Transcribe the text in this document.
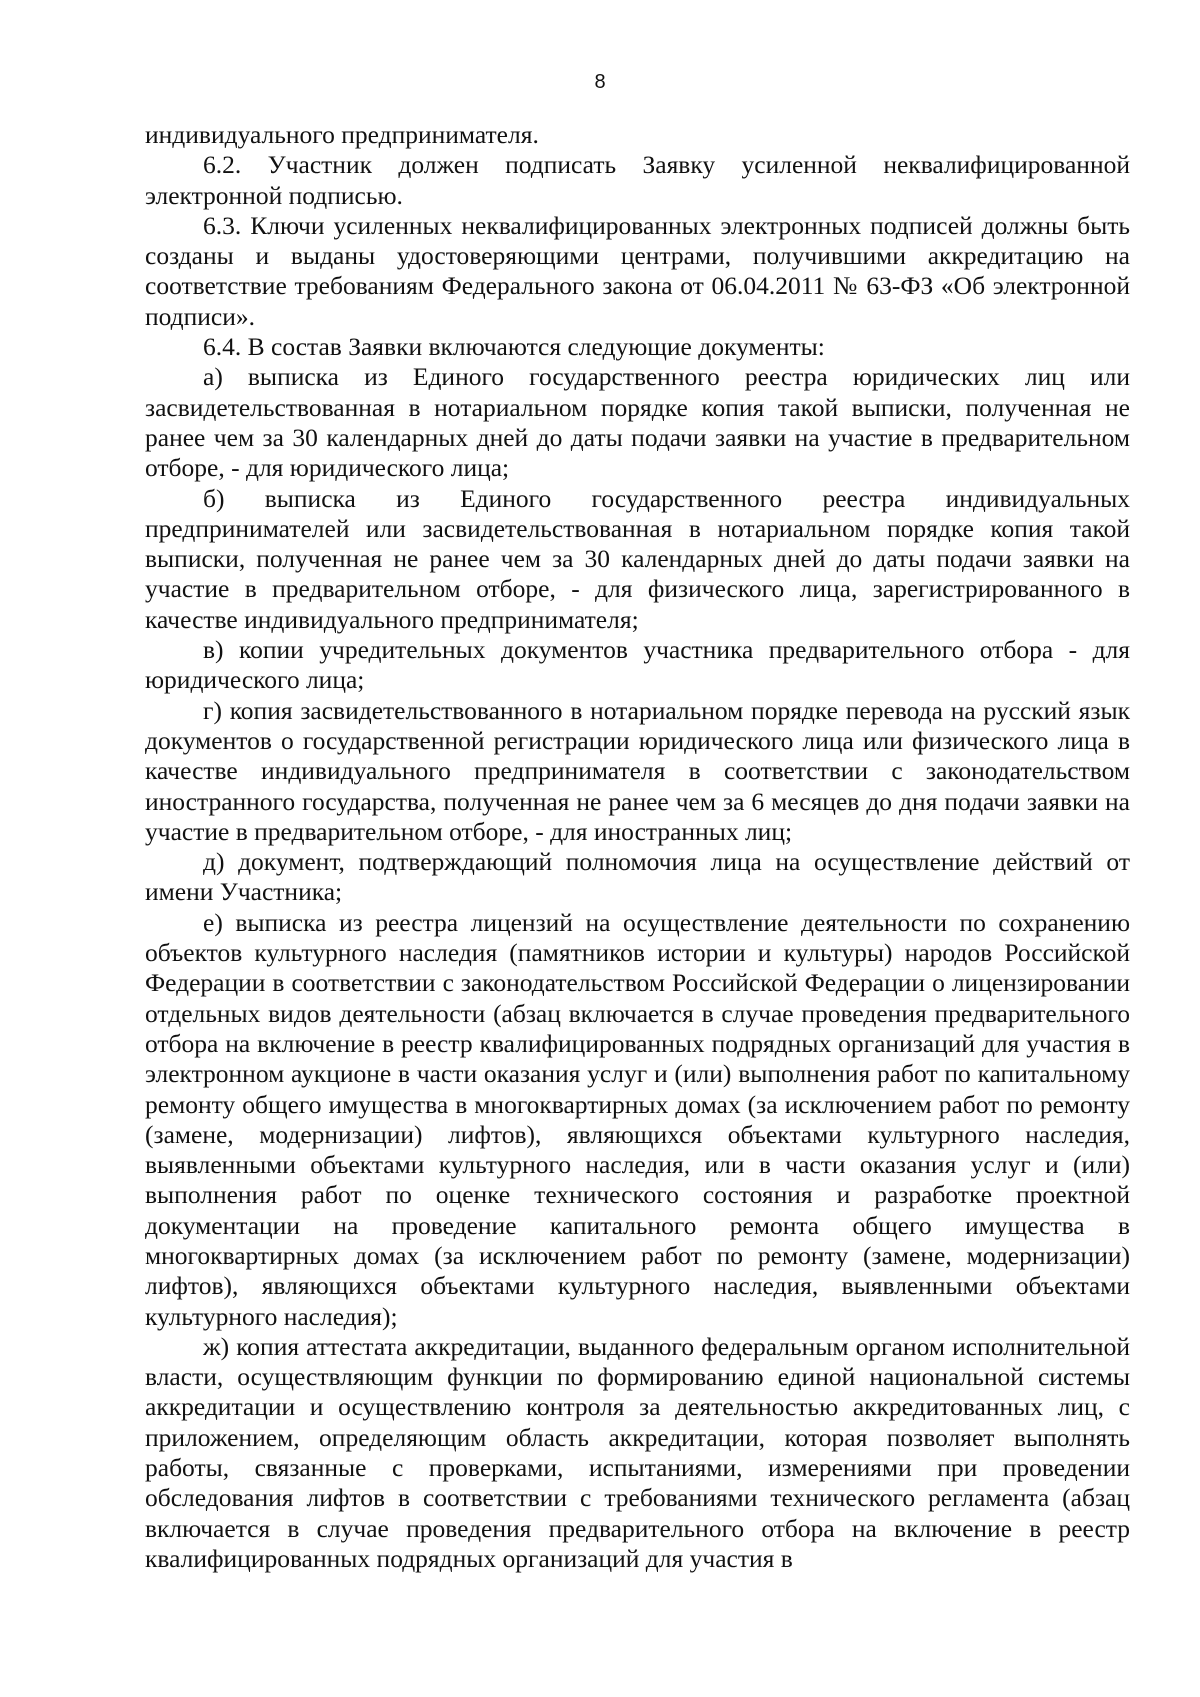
8

индивидуального предпринимателя.

6.2. Участник должен подписать Заявку усиленной неквалифицированной электронной подписью.

6.3. Ключи усиленных неквалифицированных электронных подписей должны быть созданы и выданы удостоверяющими центрами, получившими аккредитацию на соответствие требованиям Федерального закона от 06.04.2011 № 63-ФЗ «Об электронной подписи».

6.4. В состав Заявки включаются следующие документы:

а) выписка из Единого государственного реестра юридических лиц или засвидетельствованная в нотариальном порядке копия такой выписки, полученная не ранее чем за 30 календарных дней до даты подачи заявки на участие в предварительном отборе, - для юридического лица;

б) выписка из Единого государственного реестра индивидуальных предпринимателей или засвидетельствованная в нотариальном порядке копия такой выписки, полученная не ранее чем за 30 календарных дней до даты подачи заявки на участие в предварительном отборе, - для физического лица, зарегистрированного в качестве индивидуального предпринимателя;

в) копии учредительных документов участника предварительного отбора - для юридического лица;

г) копия засвидетельствованного в нотариальном порядке перевода на русский язык документов о государственной регистрации юридического лица или физического лица в качестве индивидуального предпринимателя в соответствии с законодательством иностранного государства, полученная не ранее чем за 6 месяцев до дня подачи заявки на участие в предварительном отборе, - для иностранных лиц;

д) документ, подтверждающий полномочия лица на осуществление действий от имени Участника;

е) выписка из реестра лицензий на осуществление деятельности по сохранению объектов культурного наследия (памятников истории и культуры) народов Российской Федерации в соответствии с законодательством Российской Федерации о лицензировании отдельных видов деятельности (абзац включается в случае проведения предварительного отбора на включение в реестр квалифицированных подрядных организаций для участия в электронном аукционе в части оказания услуг и (или) выполнения работ по капитальному ремонту общего имущества в многоквартирных домах (за исключением работ по ремонту (замене, модернизации) лифтов), являющихся объектами культурного наследия, выявленными объектами культурного наследия, или в части оказания услуг и (или) выполнения работ по оценке технического состояния и разработке проектной документации на проведение капитального ремонта общего имущества в многоквартирных домах (за исключением работ по ремонту (замене, модернизации) лифтов), являющихся объектами культурного наследия, выявленными объектами культурного наследия);

ж) копия аттестата аккредитации, выданного федеральным органом исполнительной власти, осуществляющим функции по формированию единой национальной системы аккредитации и осуществлению контроля за деятельностью аккредитованных лиц, с приложением, определяющим область аккредитации, которая позволяет выполнять работы, связанные с проверками, испытаниями, измерениями при проведении обследования лифтов в соответствии с требованиями технического регламента (абзац включается в случае проведения предварительного отбора на включение в реестр квалифицированных подрядных организаций для участия в
